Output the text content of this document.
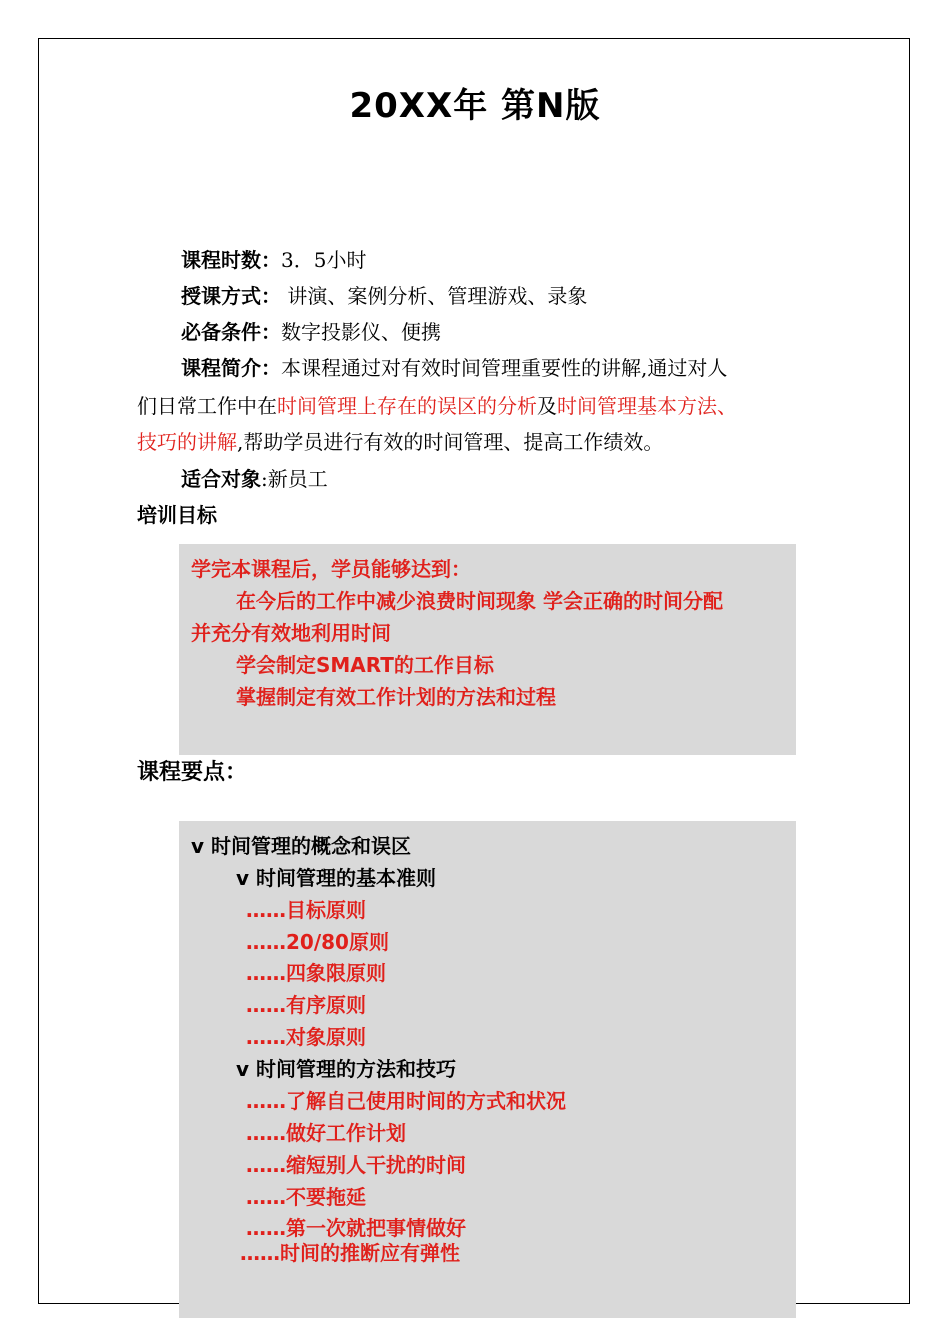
20XX年 第N版
课程时数：3．5小时
授课方式： 讲演、案例分析、管理游戏、录象
必备条件：数字投影仪、便携
课程简介：本课程通过对有效时间管理重要性的讲解,通过对人
们日常工作中在时间管理上存在的误区的分析及时间管理基本方法、
技巧的讲解,帮助学员进行有效的时间管理、提高工作绩效。
适合对象:新员工
培训目标
学完本课程后，学员能够达到：
在今后的工作中减少浪费时间现象 学会正确的时间分配
并充分有效地利用时间
学会制定SMART的工作目标
掌握制定有效工作计划的方法和过程
课程要点：
v 时间管理的概念和误区
v 时间管理的基本准则
……目标原则
……20/80原则
……四象限原则
……有序原则
……对象原则
v 时间管理的方法和技巧
……了解自己使用时间的方式和状况
……做好工作计划
……缩短别人干扰的时间
……不要拖延
……第一次就把事情做好
……时间的推断应有弹性
